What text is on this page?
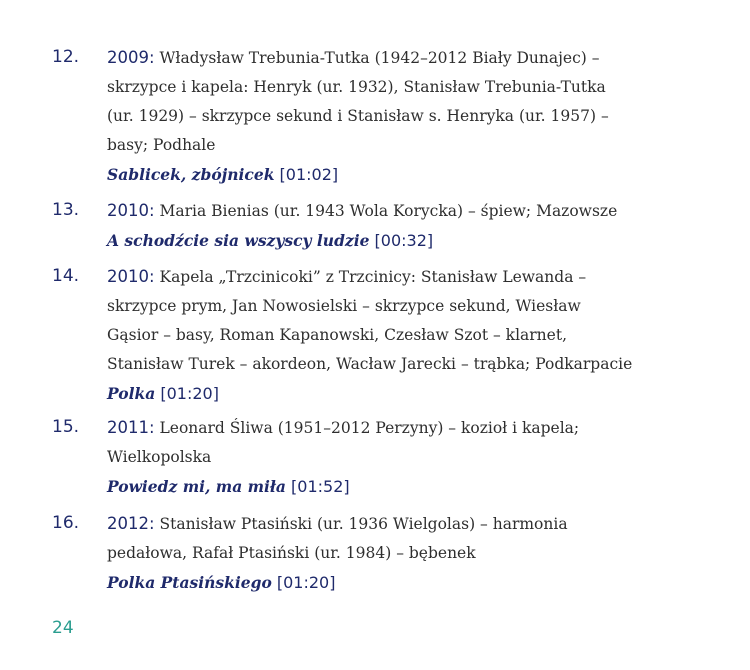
12. 2009: Władysław Trebunia-Tutka (1942–2012 Biały Dunajec) –
skrzypce i kapela: Henryk (ur. 1932), Stanisław Trebunia-Tutka
(ur. 1929) – skrzypce sekund i Stanisław s. Henryka (ur. 1957) –
basy; Podhale
Sablicek, zbójnicek [01:02]
13. 2010: Maria Bienias (ur. 1943 Wola Korycka) – śpiew; Mazowsze
A schodźcie sia wszyscy ludzie [00:32]
14. 2010: Kapela „Trzcinicoki” z Trzcinicy: Stanisław Lewanda –
skrzypce prym, Jan Nowosielski – skrzypce sekund, Wiesław
Gąsior – basy, Roman Kapanowski, Czesław Szot – klarnet,
Stanisław Turek – akordeon, Wacław Jarecki – trąbka; Podkarpacie
Polka [01:20]
15. 2011: Leonard Śliwa (1951–2012 Perzyny) – kozioł i kapela;
Wielkopolska
Powiedz mi, ma miła [01:52]
16. 2012: Stanisław Ptasiński (ur. 1936 Wielgolas) – harmonia
pedałowa, Rafał Ptasiński (ur. 1984) – bębenek
Polka Ptasińskiego [01:20]
24
